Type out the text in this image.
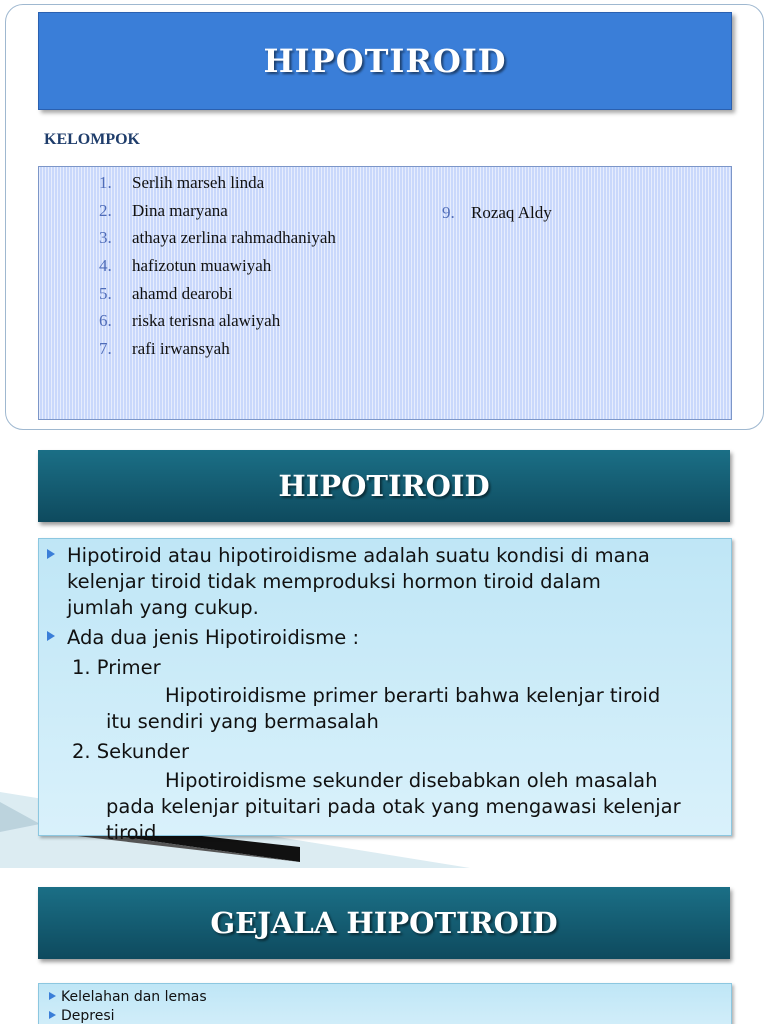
HIPOTIROID
KELOMPOK
1.	Serlih marseh linda
2.	Dina maryana
3.	athaya zerlina rahmadhaniyah
4.	hafizotun muawiyah
5.	ahamd dearobi
6.	riska terisna alawiyah
7.	rafi irwansyah
9. Rozaq Aldy
HIPOTIROID
Hipotiroid atau hipotiroidisme adalah suatu kondisi di mana
kelenjar tiroid tidak memproduksi hormon tiroid dalam
jumlah yang cukup.
Ada dua jenis Hipotiroidisme :
1. Primer
Hipotiroidisme primer berarti bahwa kelenjar tiroid
itu sendiri yang bermasalah
2. Sekunder
Hipotiroidisme sekunder disebabkan oleh masalah
pada kelenjar pituitari pada otak yang mengawasi kelenjar
tiroid.
GEJALA HIPOTIROID
Kelelahan dan lemas
Depresi
